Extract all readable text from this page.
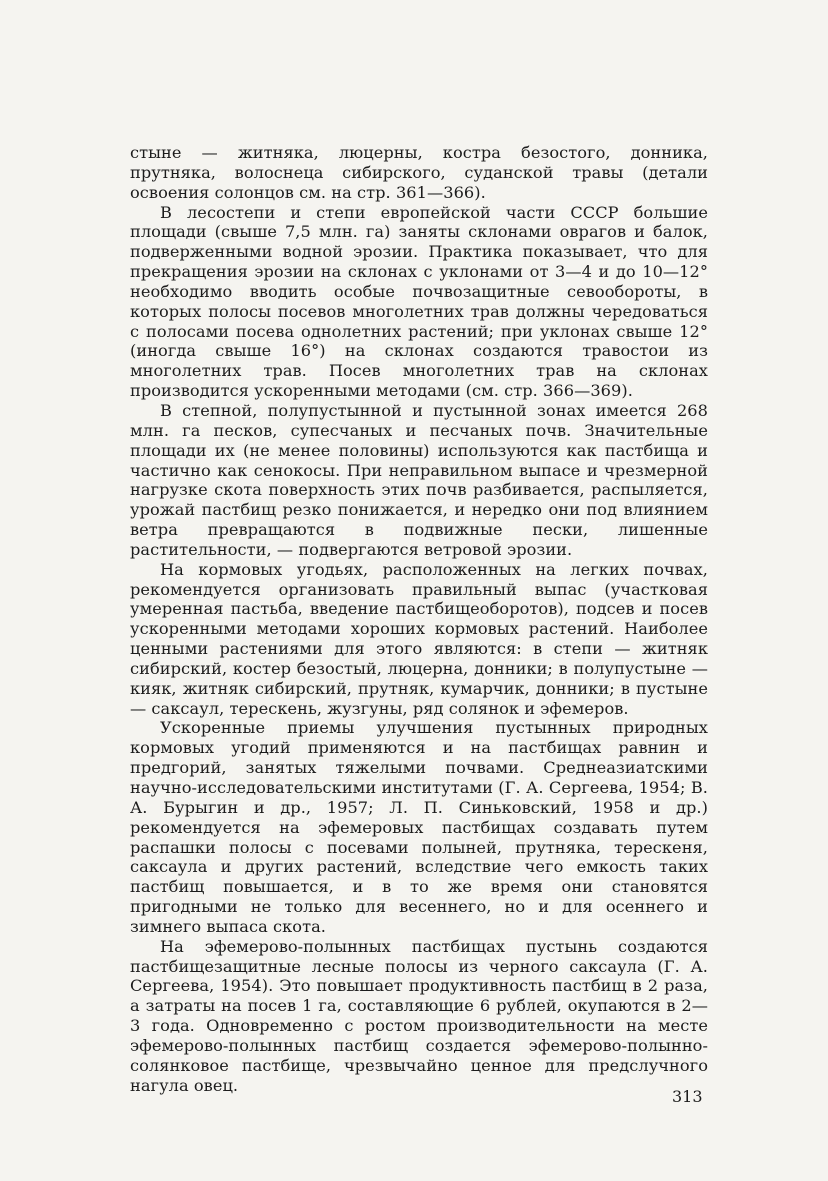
стыне — житняка, люцерны, костра безостого, донника, прутняка, волоснеца сибирского, суданской травы (детали освоения солонцов см. на стр. 361—366).

В лесостепи и степи европейской части СССР большие площади (свыше 7,5 млн. га) заняты склонами оврагов и балок, подверженными водной эрозии. Практика показывает, что для прекращения эрозии на склонах с уклонами от 3—4 и до 10—12° необходимо вводить особые почвозащитные севообороты, в которых полосы посевов многолетних трав должны чередоваться с полосами посева однолетних растений; при уклонах свыше 12° (иногда свыше 16°) на склонах создаются травостои из многолетних трав. Посев многолетних трав на склонах производится ускоренными методами (см. стр. 366—369).

В степной, полупустынной и пустынной зонах имеется 268 млн. га песков, супесчаных и песчаных почв. Значительные площади их (не менее половины) используются как пастбища и частично как сенокосы. При неправильном выпасе и чрезмерной нагрузке скота поверхность этих почв разбивается, распыляется, урожай пастбищ резко понижается, и нередко они под влиянием ветра превращаются в подвижные пески, лишенные растительности, — подвергаются ветровой эрозии.

На кормовых угодьях, расположенных на легких почвах, рекомендуется организовать правильный выпас (участковая умеренная пастьба, введение пастбищеоборотов), подсев и посев ускоренными методами хороших кормовых растений. Наиболее ценными растениями для этого являются: в степи — житняк сибирский, костер безостый, люцерна, донники; в полупустыне — кияк, житняк сибирский, прутняк, кумарчик, донники; в пустыне — саксаул, терескень, жузгуны, ряд солянок и эфемеров.

Ускоренные приемы улучшения пустынных природных кормовых угодий применяются и на пастбищах равнин и предгорий, занятых тяжелыми почвами. Среднеазиатскими научно-исследовательскими институтами (Г. А. Сергеева, 1954; В. А. Бурыгин и др., 1957; Л. П. Синьковский, 1958 и др.) рекомендуется на эфемеровых пастбищах создавать путем распашки полосы с посевами полыней, прутняка, терескеня, саксаула и других растений, вследствие чего емкость таких пастбищ повышается, и в то же время они становятся пригодными не только для весеннего, но и для осеннего и зимнего выпаса скота.

На эфемерово-полынных пастбищах пустынь создаются пастбищезащитные лесные полосы из черного саксаула (Г. А. Сергеева, 1954). Это повышает продуктивность пастбищ в 2 раза, а затраты на посев 1 га, составляющие 6 рублей, окупаются в 2—3 года. Одновременно с ростом производительности на месте эфемерово-полынных пастбищ создается эфемерово-полынно-солянковое пастбище, чрезвычайно ценное для предслучного нагула овец.

313
